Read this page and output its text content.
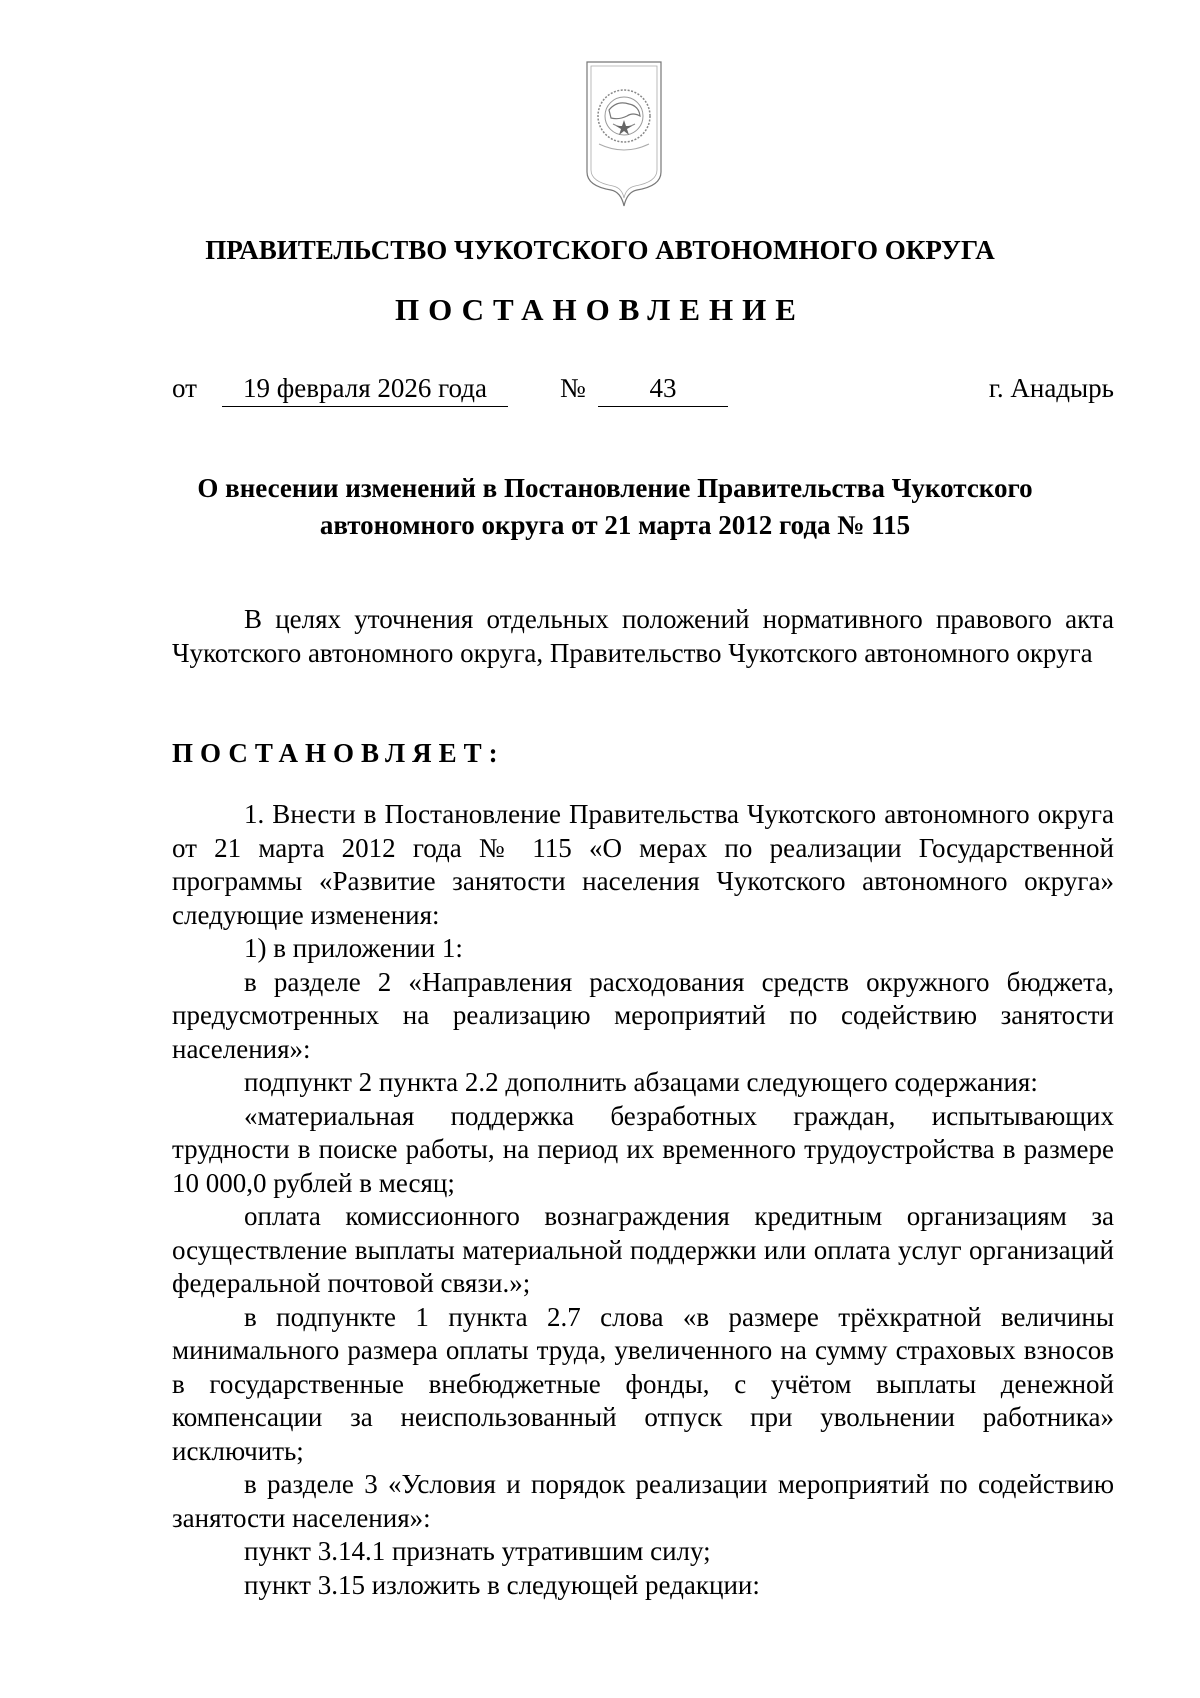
ПРАВИТЕЛЬСТВО ЧУКОТСКОГО АВТОНОМНОГО ОКРУГА
ПОСТАНОВЛЕНИЕ
от	19 февраля 2026 года	№	43	г. Анадырь
О внесении изменений в Постановление Правительства Чукотского
автономного округа от 21 марта 2012 года № 115

В целях уточнения отдельных положений нормативного правового акта Чукотского автономного округа, Правительство Чукотского автономного округа

ПОСТАНОВЛЯЕТ:

1. Внести в Постановление Правительства Чукотского автономного округа от 21 марта 2012 года № 115 «О мерах по реализации Государственной программы «Развитие занятости населения Чукотского автономного округа» следующие изменения:

1) в приложении 1:

в разделе 2 «Направления расходования средств окружного бюджета, предусмотренных на реализацию мероприятий по содействию занятости населения»:

подпункт 2 пункта 2.2 дополнить абзацами следующего содержания:

«материальная поддержка безработных граждан, испытывающих трудности в поиске работы, на период их временного трудоустройства в размере 10 000,0 рублей в месяц;

оплата комиссионного вознаграждения кредитным организациям за осуществление выплаты материальной поддержки или оплата услуг организаций федеральной почтовой связи.»;

в подпункте 1 пункта 2.7 слова «в размере трёхкратной величины минимального размера оплаты труда, увеличенного на сумму страховых взносов в государственные внебюджетные фонды, с учётом выплаты денежной компенсации за неиспользованный отпуск при увольнении работника» исключить;

в разделе 3 «Условия и порядок реализации мероприятий по содействию занятости населения»:

пункт 3.14.1 признать утратившим силу;

пункт 3.15 изложить в следующей редакции:
